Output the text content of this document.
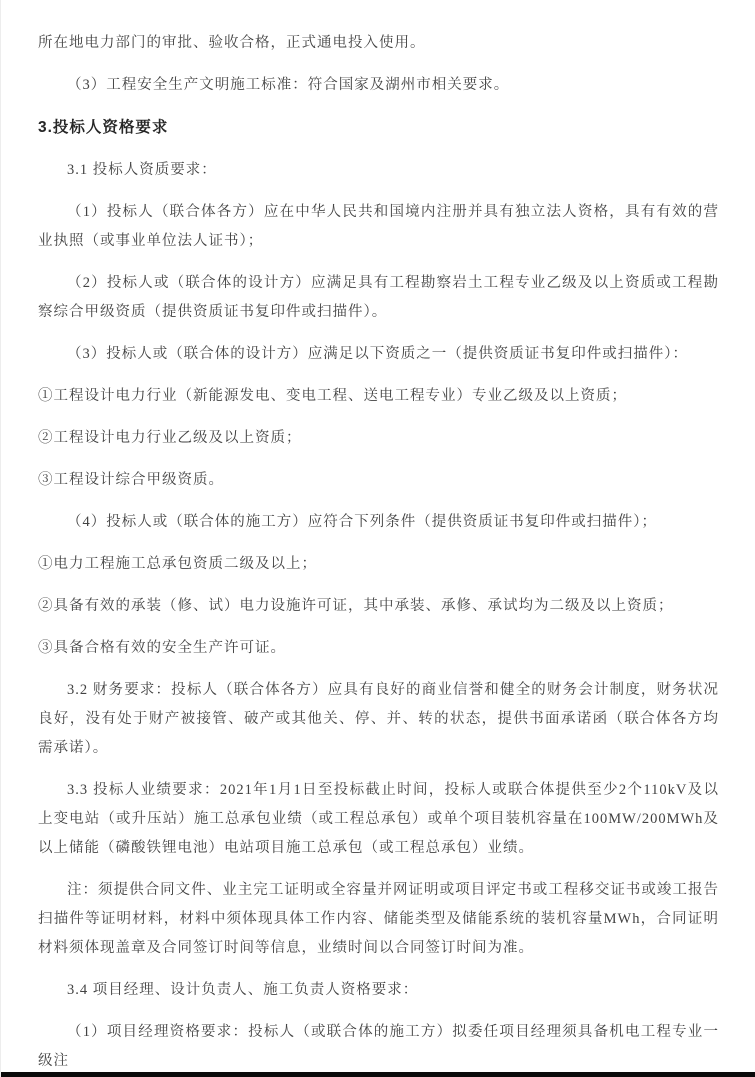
所在地电力部门的审批、验收合格，正式通电投入使用。

（3）工程安全生产文明施工标准：符合国家及湖州市相关要求。

3.投标人资格要求

3.1 投标人资质要求：

（1）投标人（联合体各方）应在中华人民共和国境内注册并具有独立法人资格，具有有效的营业执照（或事业单位法人证书）；

（2）投标人或（联合体的设计方）应满足具有工程勘察岩土工程专业乙级及以上资质或工程勘察综合甲级资质（提供资质证书复印件或扫描件）。

（3）投标人或（联合体的设计方）应满足以下资质之一（提供资质证书复印件或扫描件）：

①工程设计电力行业（新能源发电、变电工程、送电工程专业）专业乙级及以上资质；

②工程设计电力行业乙级及以上资质；

③工程设计综合甲级资质。

（4）投标人或（联合体的施工方）应符合下列条件（提供资质证书复印件或扫描件）；

①电力工程施工总承包资质二级及以上；

②具备有效的承装（修、试）电力设施许可证，其中承装、承修、承试均为二级及以上资质；

③具备合格有效的安全生产许可证。

3.2 财务要求：投标人（联合体各方）应具有良好的商业信誉和健全的财务会计制度，财务状况良好，没有处于财产被接管、破产或其他关、停、并、转的状态，提供书面承诺函（联合体各方均需承诺）。

3.3 投标人业绩要求：2021年1月1日至投标截止时间，投标人或联合体提供至少2个110kV及以上变电站（或升压站）施工总承包业绩（或工程总承包）或单个项目装机容量在100MW/200MWh及以上储能（磷酸铁锂电池）电站项目施工总承包（或工程总承包）业绩。

注：须提供合同文件、业主完工证明或全容量并网证明或项目评定书或工程移交证书或竣工报告扫描件等证明材料，材料中须体现具体工作内容、储能类型及储能系统的装机容量MWh，合同证明材料须体现盖章及合同签订时间等信息，业绩时间以合同签订时间为准。

3.4 项目经理、设计负责人、施工负责人资格要求：

（1）项目经理资格要求：投标人（或联合体的施工方）拟委任项目经理须具备机电工程专业一级注
